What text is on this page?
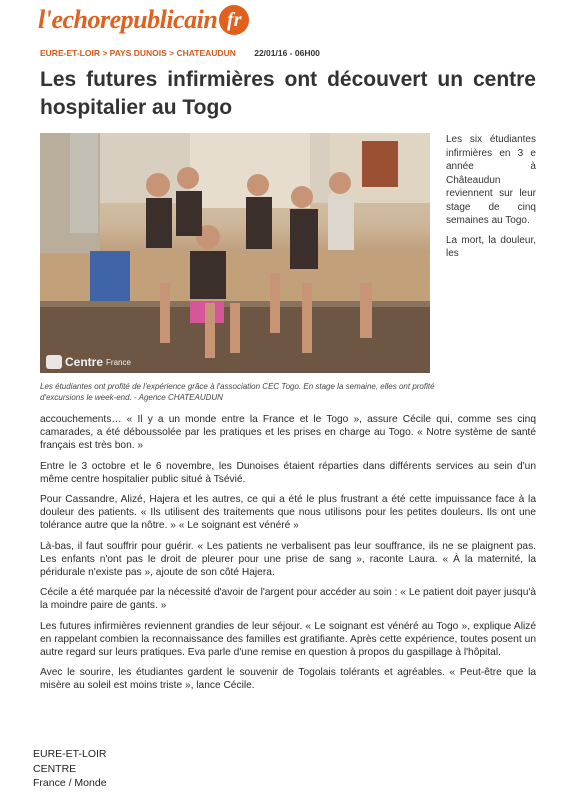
l'echorepublicain fr
EURE-ET-LOIR > PAYS DUNOIS > CHATEAUDUN 22/01/16 - 06H00
Les futures infirmières ont découvert un centre hospitalier au Togo
Centre France

Les six étudiantes infirmières en 3 e année à Châteaudun reviennent sur leur stage de cinq semaines au Togo.

La mort, la douleur, les

Les étudiantes ont profité de l'expérience grâce à l'association CEC Togo. En stage la semaine, elles ont profité d'excursions le week-end. - Agence CHATEAUDUN

accouchements… « Il y a un monde entre la France et le Togo », assure Cécile qui, comme ses cinq camarades, a été déboussolée par les pratiques et les prises en charge au Togo. « Notre système de santé français est très bon. »

Entre le 3 octobre et le 6 novembre, les Dunoises étaient réparties dans différents services au sein d'un même centre hospitalier public situé à Tsévié.

Pour Cassandre, Alizé, Hajera et les autres, ce qui a été le plus frustrant a été cette impuissance face à la douleur des patients. « Ils utilisent des traitements que nous utilisons pour les petites douleurs. Ils ont une tolérance autre que la nôtre. » « Le soignant est vénéré »

Là-bas, il faut souffrir pour guérir. « Les patients ne verbalisent pas leur souffrance, ils ne se plaignent pas. Les enfants n'ont pas le droit de pleurer pour une prise de sang », raconte Laura. « À la maternité, la péridurale n'existe pas », ajoute de son côté Hajera.

Cécile a été marquée par la nécessité d'avoir de l'argent pour accéder au soin : « Le patient doit payer jusqu'à la moindre paire de gants. »

Les futures infirmières reviennent grandies de leur séjour. « Le soignant est vénéré au Togo », explique Alizé en rappelant combien la reconnaissance des familles est gratifiante. Après cette expérience, toutes posent un autre regard sur leurs pratiques. Eva parle d'une remise en question à propos du gaspillage à l'hôpital.

Avec le sourire, les étudiantes gardent le souvenir de Togolais tolérants et agréables. « Peut-être que la misère au soleil est moins triste », lance Cécile.

EURE-ET-LOIR
CENTRE
France / Monde
